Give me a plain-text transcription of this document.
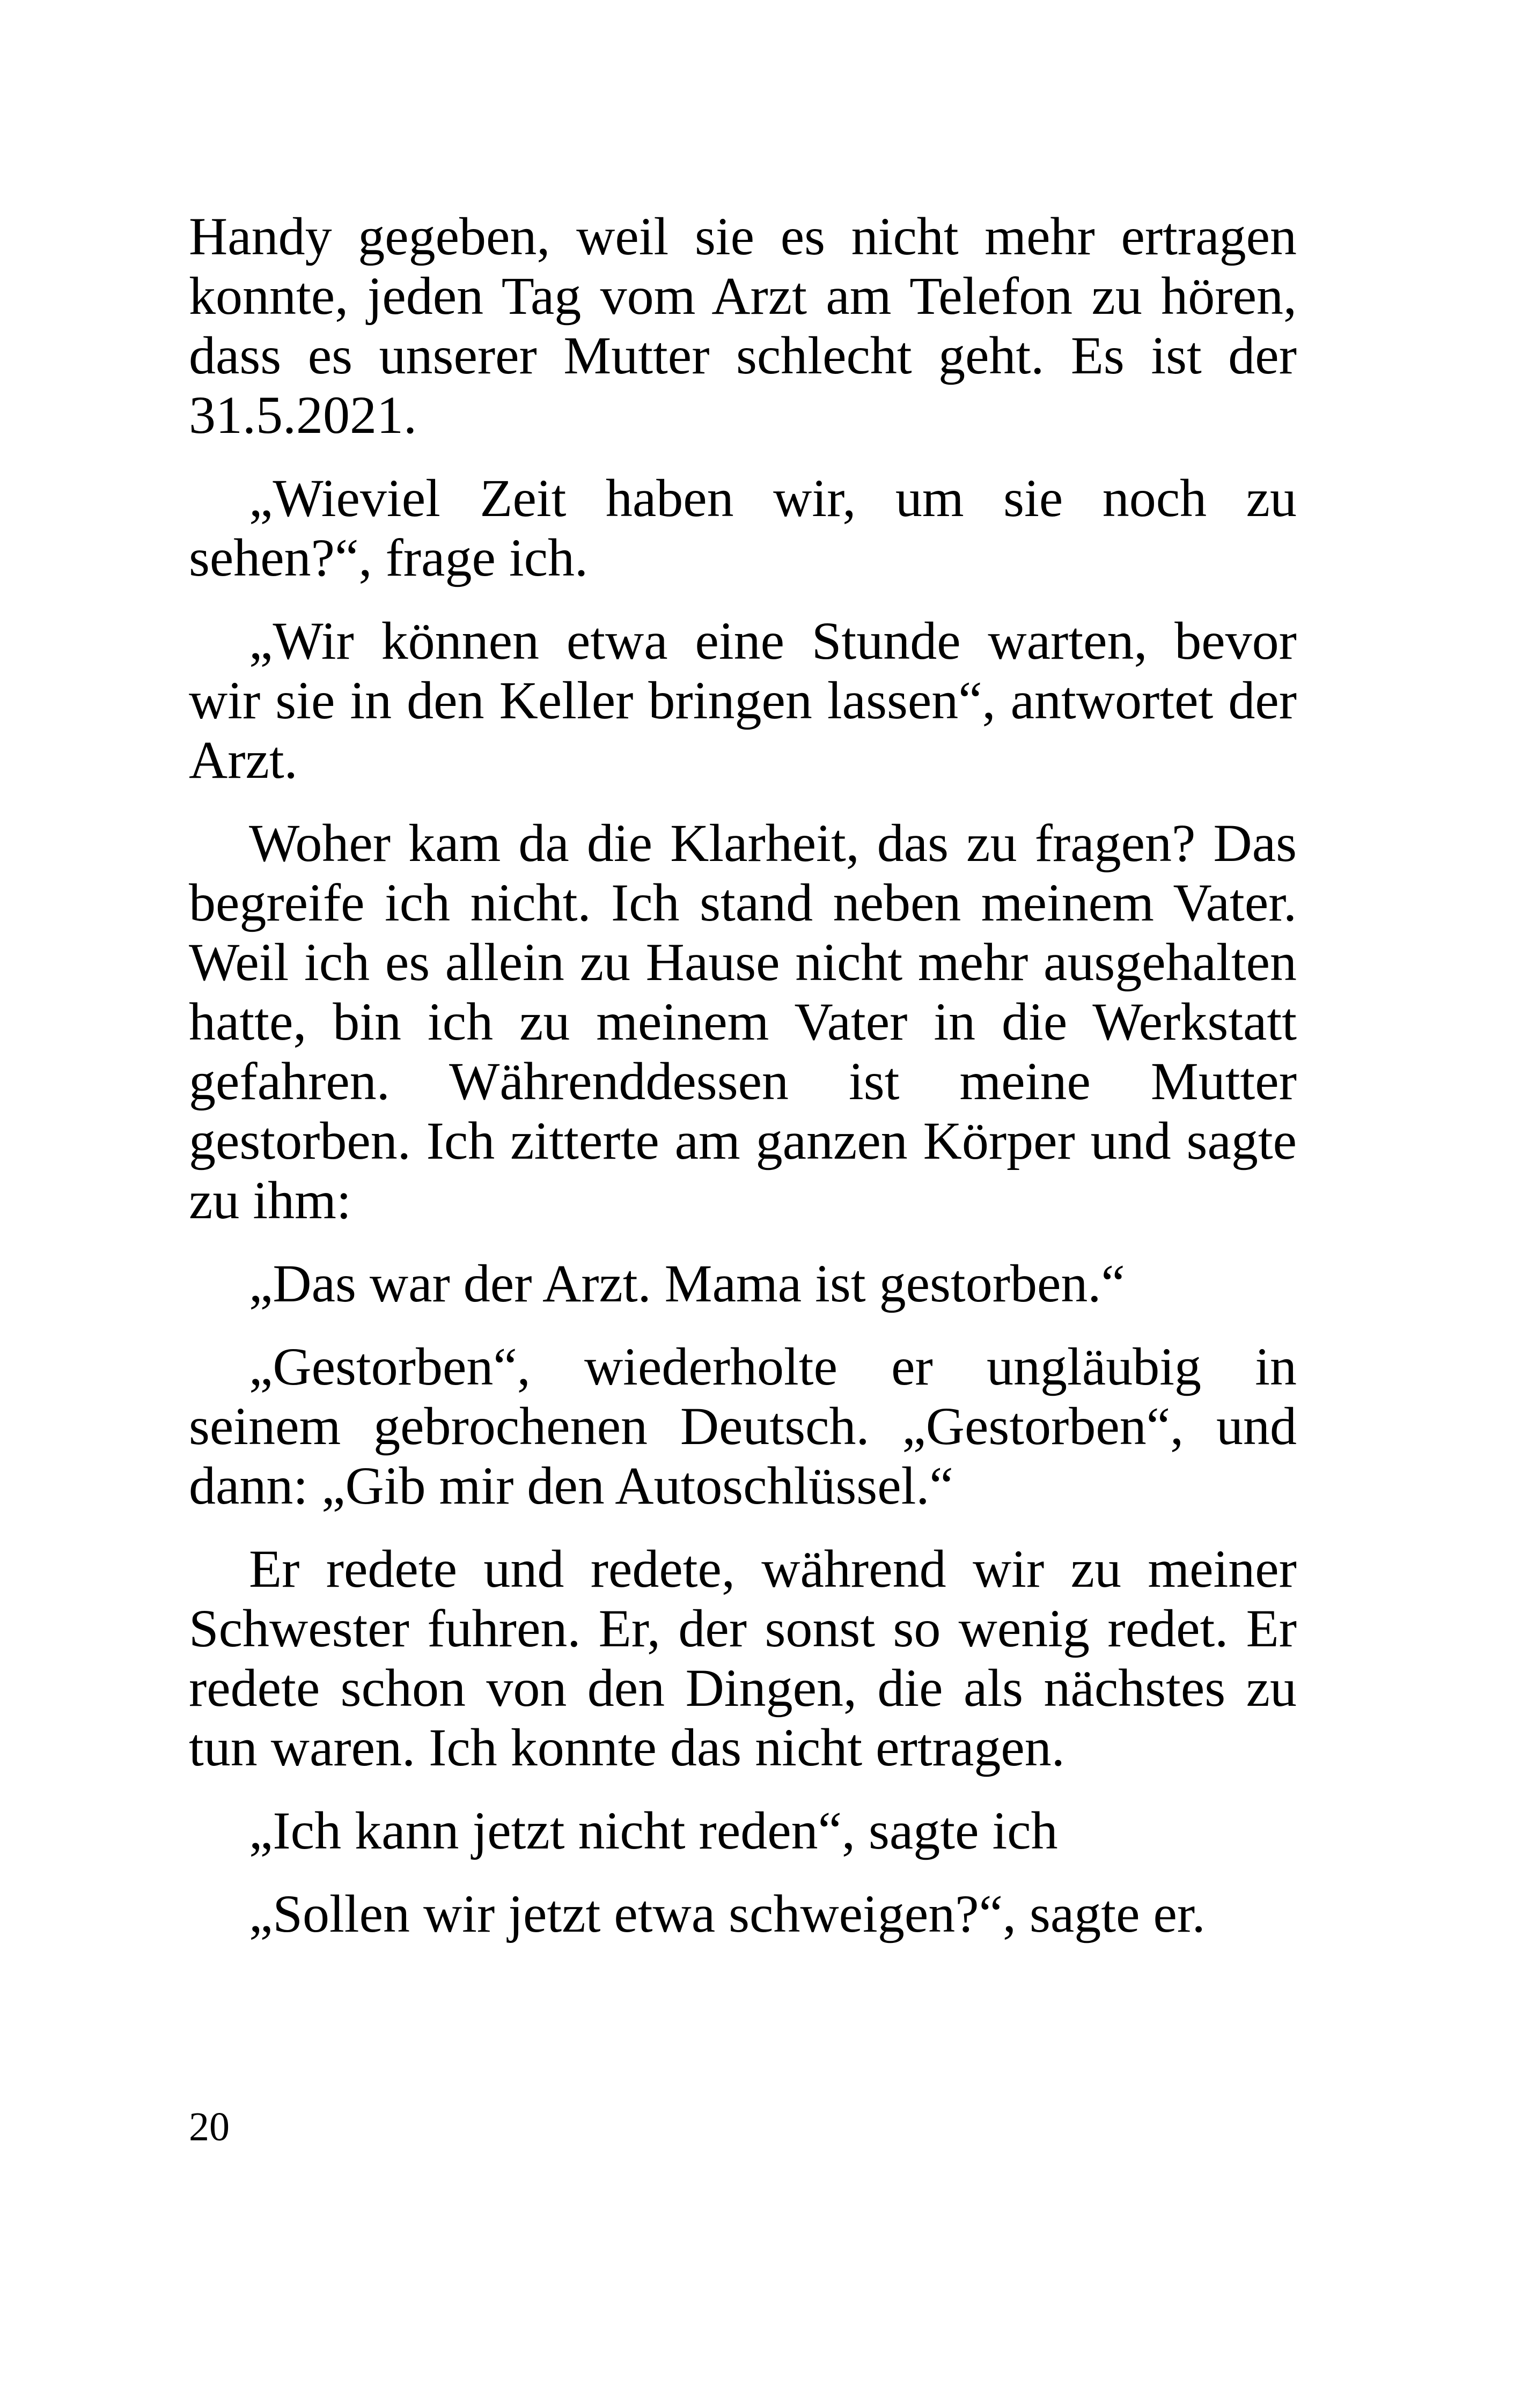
Handy gegeben, weil sie es nicht mehr ertragen konnte, jeden Tag vom Arzt am Telefon zu hören, dass es unserer Mutter schlecht geht. Es ist der 31.5.2021.

„Wieviel Zeit haben wir, um sie noch zu sehen?“, frage ich.

„Wir können etwa eine Stunde warten, bevor wir sie in den Keller bringen lassen“, antwortet der Arzt.

Woher kam da die Klarheit, das zu fragen? Das begreife ich nicht. Ich stand neben meinem Vater. Weil ich es allein zu Hause nicht mehr ausgehalten hatte, bin ich zu meinem Vater in die Werkstatt gefahren. Währenddessen ist meine Mutter gestorben. Ich zitterte am ganzen Körper und sagte zu ihm:

„Das war der Arzt. Mama ist gestorben.“

„Gestorben“, wiederholte er ungläubig in seinem gebrochenen Deutsch. „Gestorben“, und dann: „Gib mir den Autoschlüssel.“

Er redete und redete, während wir zu meiner Schwester fuhren. Er, der sonst so wenig redet. Er redete schon von den Dingen, die als nächstes zu tun waren. Ich konnte das nicht ertragen.

„Ich kann jetzt nicht reden“, sagte ich

„Sollen wir jetzt etwa schweigen?“, sagte er.

20
